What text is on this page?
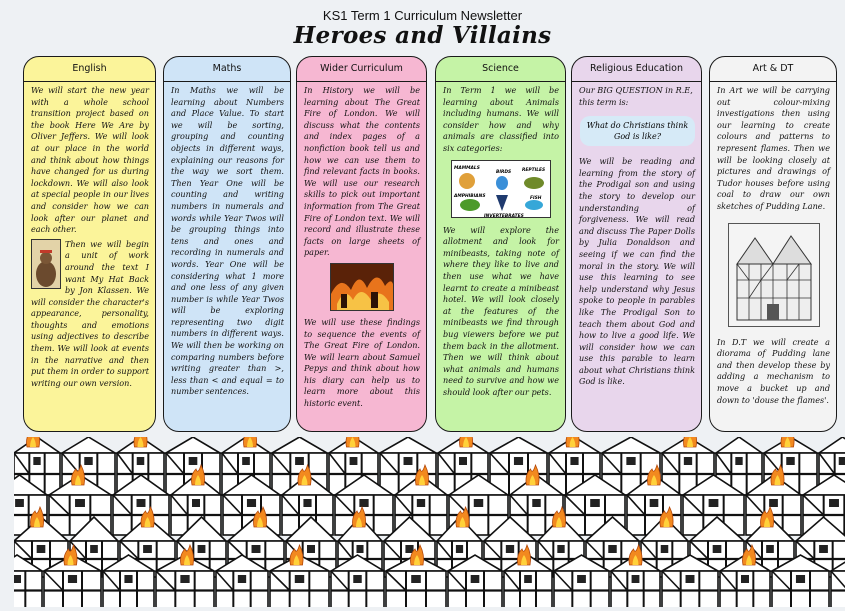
KS1 Term 1 Curriculum Newsletter
Heroes and Villains
English

We will start the new year with a whole school transition project based on the book Here We Are by Oliver Jeffers. We will look at our place in the world and think about how things have changed for us during lockdown. We will also look at special people in our lives and consider how we can look after our planet and each other.

Then we will begin a unit of work around the text I want My Hat Back by Jon Klassen. We will consider the character's appearance, personality, thoughts and emotions using adjectives to describe them. We will look at events in the narrative and then put them in order to support writing our own version.

Maths

In Maths we will be learning about Numbers and Place Value. To start we will be sorting, grouping and counting objects in different ways, explaining our reasons for the way we sort them. Then Year One will be counting and writing numbers in numerals and words while Year Twos will be grouping things into tens and ones and recording in numerals and words. Year One will be considering what 1 more and one less of any given number is while Year Twos will be exploring representing two digit numbers in different ways. We will then be working on comparing numbers before writing greater than >, less than < and equal = to number sentences.

Wider Curriculum

In History we will be learning about The Great Fire of London. We will discuss what the contents and index pages of a nonfiction book tell us and how we can use them to find relevant facts in books. We will use our research skills to pick out important information from The Great Fire of London text. We will record and illustrate these facts on large sheets of paper.

We will use these findings to sequence the events of The Great Fire of London. We will learn about Samuel Pepys and think about how his diary can help us to learn more about this historic event.

Science

In Term 1 we will be learning about Animals including humans. We will consider how and why animals are classified into six categories:

MAMMALS
BIRDS REPTILES
AMPHIBIANS	FISH
INVERTEBRATES

We will explore the allotment and look for minibeasts, taking note of where they like to live and then use what we have learnt to create a minibeast hotel. We will look closely at the features of the minibeasts we find through bug viewers before we put them back in the allotment. Then we will think about what animals and humans need to survive and how we should look after our pets.

Religious Education

Our BIG QUESTION in R.E, this term is:

What do Christians think God is like?

We will be reading and learning from the story of the Prodigal son and using the story to develop our understanding of forgiveness. We will read and discuss The Paper Dolls by Julia Donaldson and seeing if we can find the moral in the story. We will use this learning to see help understand why Jesus spoke to people in parables like The Prodigal Son to teach them about God and how to live a good life. We will consider how we can use this parable to learn about what Christians think God is like.

Art & DT

In Art we will be carrying out colour-mixing investigations then using our learning to create colours and patterns to represent flames. Then we will be looking closely at pictures and drawings of Tudor houses before using coal to draw our own sketches of Pudding Lane.

In D.T we will create a diorama of Pudding lane and then develop these by adding a mechanism to move a bucket up and down to 'douse the flames'.
